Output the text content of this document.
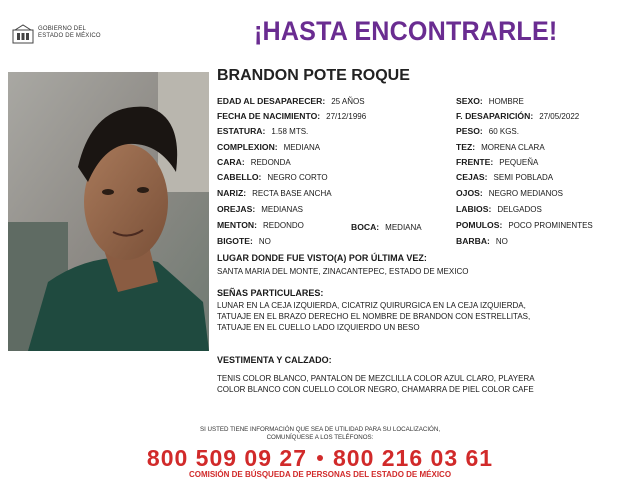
GOBIERNO DEL
ESTADO DE MÉXICO	¡HASTA ENCONTRARLE!
BRANDON POTE ROQUE
EDAD AL DESAPARECER: 25 AÑOS
FECHA DE NACIMIENTO: 27/12/1996
ESTATURA: 1.58 MTS.
COMPLEXION: MEDIANA
CARA: REDONDA
CABELLO: NEGRO CORTO
NARIZ: RECTA BASE ANCHA
OREJAS: MEDIANAS
MENTON: REDONDO
BIGOTE: NO
BOCA: MEDIANA
SEXO: HOMBRE
F. DESAPARICIÓN: 27/05/2022
PESO: 60 KGS.
TEZ: MORENA CLARA
FRENTE: PEQUEÑA
CEJAS: SEMI POBLADA
OJOS: NEGRO MEDIANOS
LABIOS: DELGADOS
POMULOS: POCO PROMINENTES
BARBA: NO
LUGAR DONDE FUE VISTO(A) POR ÚLTIMA VEZ:
SANTA MARIA DEL MONTE, ZINACANTEPEC, ESTADO DE MEXICO
SEÑAS PARTICULARES:
LUNAR EN LA CEJA IZQUIERDA, CICATRIZ QUIRURGICA EN LA CEJA IZQUIERDA,
TATUAJE EN EL BRAZO DERECHO EL NOMBRE DE BRANDON CON ESTRELLITAS,
TATUAJE EN EL CUELLO LADO IZQUIERDO UN BESO
VESTIMENTA Y CALZADO:
TENIS COLOR BLANCO, PANTALON DE MEZCLILLA COLOR AZUL CLARO, PLAYERA
COLOR BLANCO CON CUELLO COLOR NEGRO, CHAMARRA DE PIEL COLOR CAFE
SI USTED TIENE INFORMACIÓN QUE SEA DE UTILIDAD PARA SU LOCALIZACIÓN,
COMUNÍQUESE A LOS TELÉFONOS:
800 509 09 27 800 216 03 61
COMISIÓN DE BÚSQUEDA DE PERSONAS DEL ESTADO DE MÉXICO
